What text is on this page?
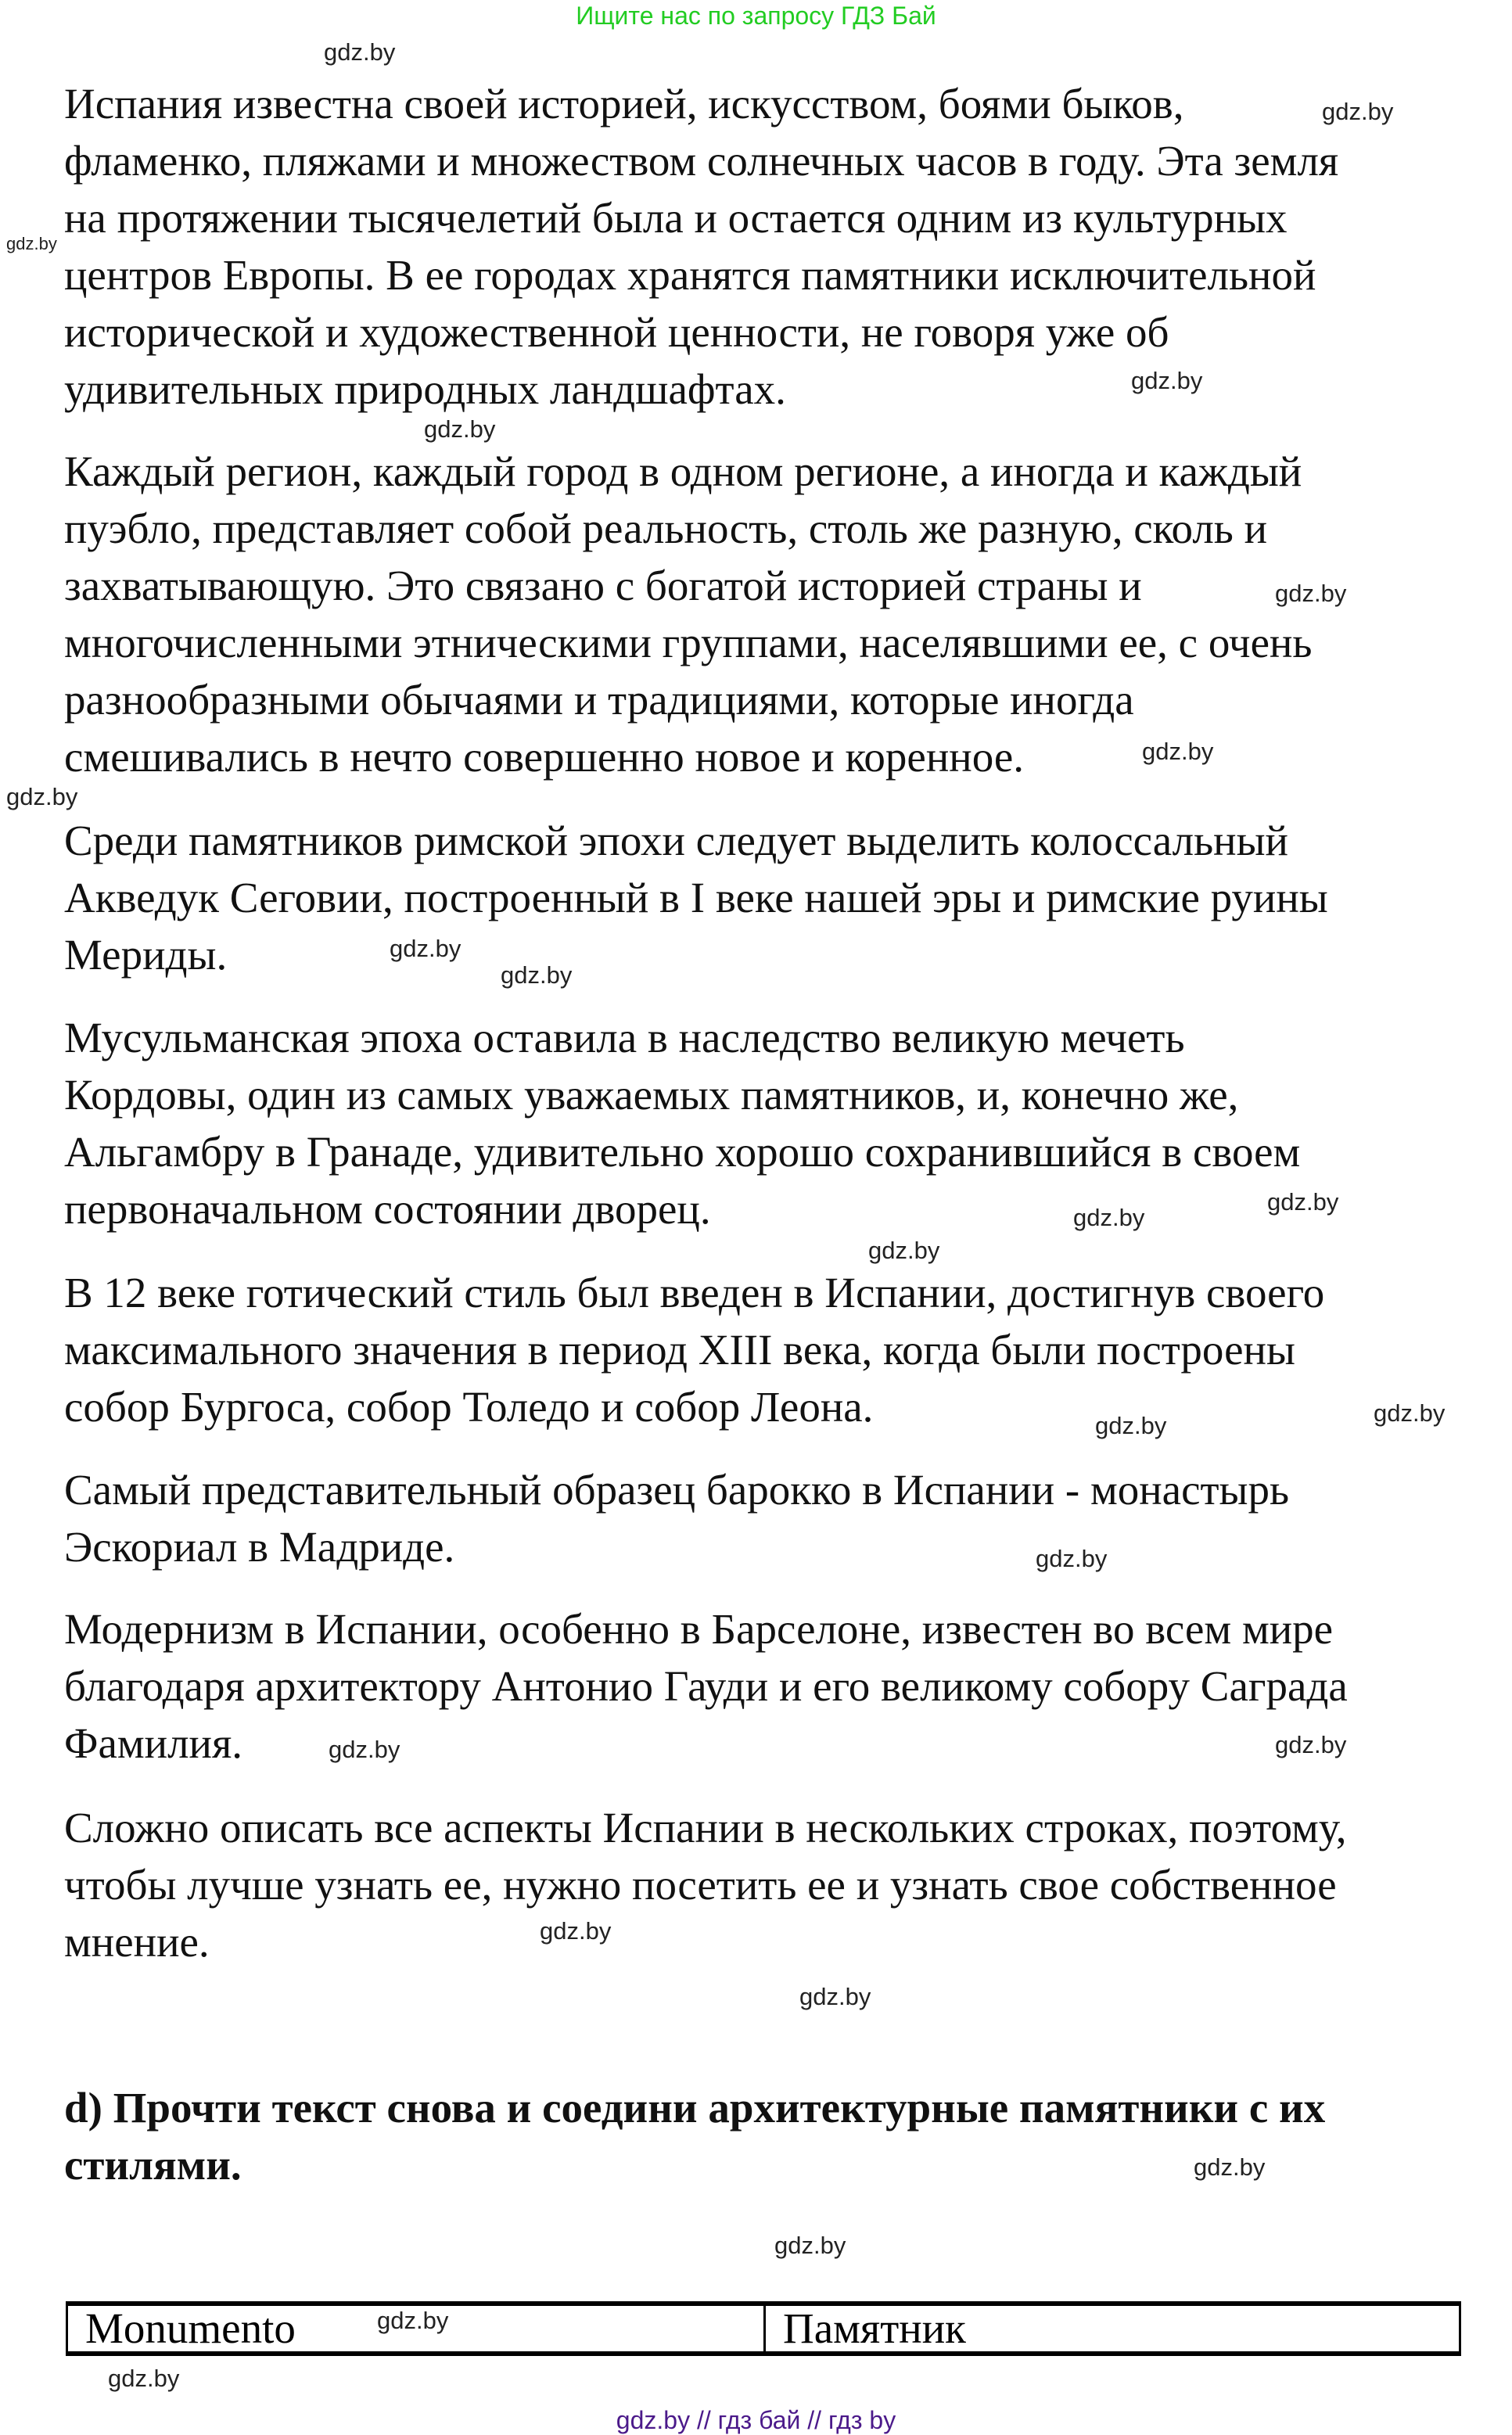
Ищите нас по запросу ГДЗ Бай
Испания известна своей историей, искусством, боями быков,
фламенко, пляжами и множеством солнечных часов в году. Эта земля
на протяжении тысячелетий была и остается одним из культурных
центров Европы. В ее городах хранятся памятники исключительной
исторической и художественной ценности, не говоря уже об
удивительных природных ландшафтах.
Каждый регион, каждый город в одном регионе, а иногда и каждый
пуэбло, представляет собой реальность, столь же разную, сколь и
захватывающую. Это связано с богатой историей страны и
многочисленными этническими группами, населявшими ее, с очень
разнообразными обычаями и традициями, которые иногда
смешивались в нечто совершенно новое и коренное.
Среди памятников римской эпохи следует выделить колоссальный
Акведук Сеговии, построенный в I веке нашей эры и римские руины
Мериды.
Мусульманская эпоха оставила в наследство великую мечеть
Кордовы, один из самых уважаемых памятников, и, конечно же,
Альгамбру в Гранаде, удивительно хорошо сохранившийся в своем
первоначальном состоянии дворец.
В 12 веке готический стиль был введен в Испании, достигнув своего
максимального значения в период XIII века, когда были построены
собор Бургоса, собор Толедо и собор Леона.
Самый представительный образец барокко в Испании - монастырь
Эскориал в Мадриде.
Модернизм в Испании, особенно в Барселоне, известен во всем мире
благодаря архитектору Антонио Гауди и его великому собору Саграда
Фамилия.
Сложно описать все аспекты Испании в нескольких строках, поэтому,
чтобы лучше узнать ее, нужно посетить ее и узнать свое собственное
мнение.
d) Прочти текст снова и соедини архитектурные памятники с их
стилями.
Monumento	Памятник
gdz.by
gdz.by
gdz.by
gdz.by
gdz.by
gdz.by
gdz.by
gdz.by
gdz.by
gdz.by
gdz.by
gdz.by
gdz.by
gdz.by
gdz.by
gdz.by
gdz.by
gdz.by
gdz.by
gdz.by
gdz.by
gdz.by
gdz.by
gdz.by
gdz.by // гдз бай // гдз by
